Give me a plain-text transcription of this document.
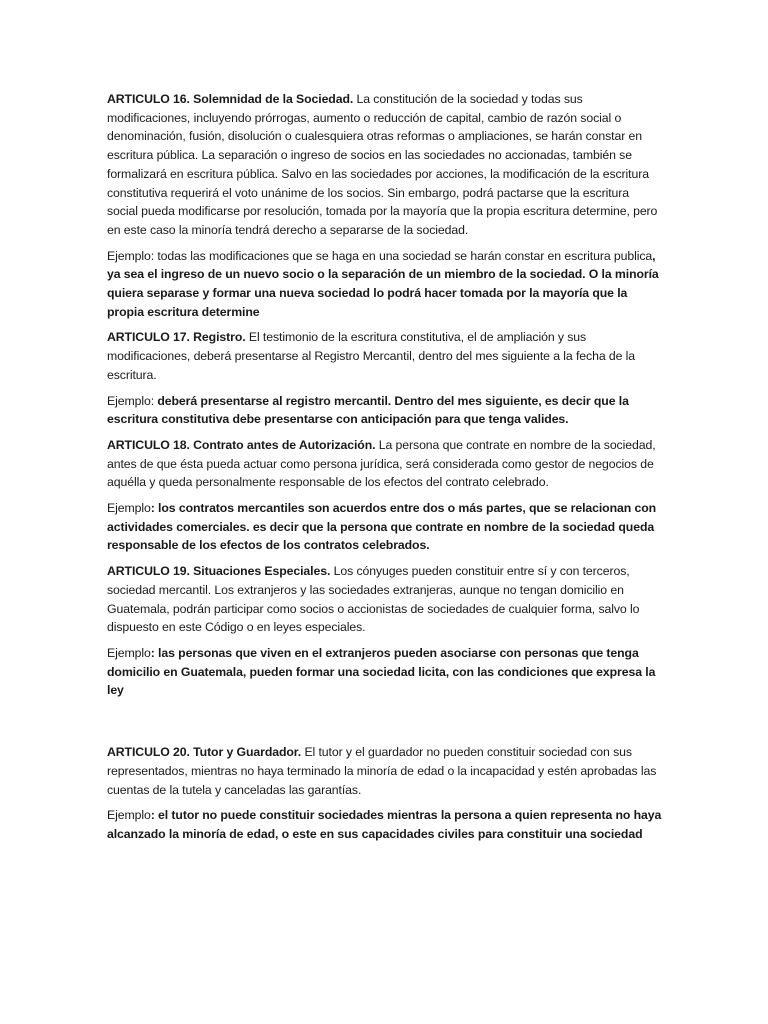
ARTICULO 16. Solemnidad de la Sociedad. La constitución de la sociedad y todas sus modificaciones, incluyendo prórrogas, aumento o reducción de capital, cambio de razón social o denominación, fusión, disolución o cualesquiera otras reformas o ampliaciones, se harán constar en escritura pública. La separación o ingreso de socios en las sociedades no accionadas, también se formalizará en escritura pública. Salvo en las sociedades por acciones, la modificación de la escritura constitutiva requerirá el voto unánime de los socios. Sin embargo, podrá pactarse que la escritura social pueda modificarse por resolución, tomada por la mayoría que la propia escritura determine, pero en este caso la minoría tendrá derecho a separarse de la sociedad.

Ejemplo: todas las modificaciones que se haga en una sociedad se harán constar en escritura publica, ya sea el ingreso de un nuevo socio o la separación de un miembro de la sociedad. O la minoría quiera separase y formar una nueva sociedad lo podrá hacer tomada por la mayoría que la propia escritura determine

ARTICULO 17. Registro. El testimonio de la escritura constitutiva, el de ampliación y sus modificaciones, deberá presentarse al Registro Mercantil, dentro del mes siguiente a la fecha de la escritura.

Ejemplo: deberá presentarse al registro mercantil. Dentro del mes siguiente, es decir que la escritura constitutiva debe presentarse con anticipación para que tenga valides.

ARTICULO 18. Contrato antes de Autorización. La persona que contrate en nombre de la sociedad, antes de que ésta pueda actuar como persona jurídica, será considerada como gestor de negocios de aquélla y queda personalmente responsable de los efectos del contrato celebrado.

Ejemplo: los contratos mercantiles son acuerdos entre dos o más partes, que se relacionan con actividades comerciales. es decir que la persona que contrate en nombre de la sociedad queda responsable de los efectos de los contratos celebrados.

ARTICULO 19. Situaciones Especiales. Los cónyuges pueden constituir entre sí y con terceros, sociedad mercantil. Los extranjeros y las sociedades extranjeras, aunque no tengan domicilio en Guatemala, podrán participar como socios o accionistas de sociedades de cualquier forma, salvo lo dispuesto en este Código o en leyes especiales.

Ejemplo: las personas que viven en el extranjeros pueden asociarse con personas que tenga domicilio en Guatemala, pueden formar una sociedad licita, con las condiciones que expresa la ley

ARTICULO 20. Tutor y Guardador. El tutor y el guardador no pueden constituir sociedad con sus representados, mientras no haya terminado la minoría de edad o la incapacidad y estén aprobadas las cuentas de la tutela y canceladas las garantías.

Ejemplo: el tutor no puede constituir sociedades mientras la persona a quien representa no haya alcanzado la minoría de edad, o este en sus capacidades civiles para constituir una sociedad
